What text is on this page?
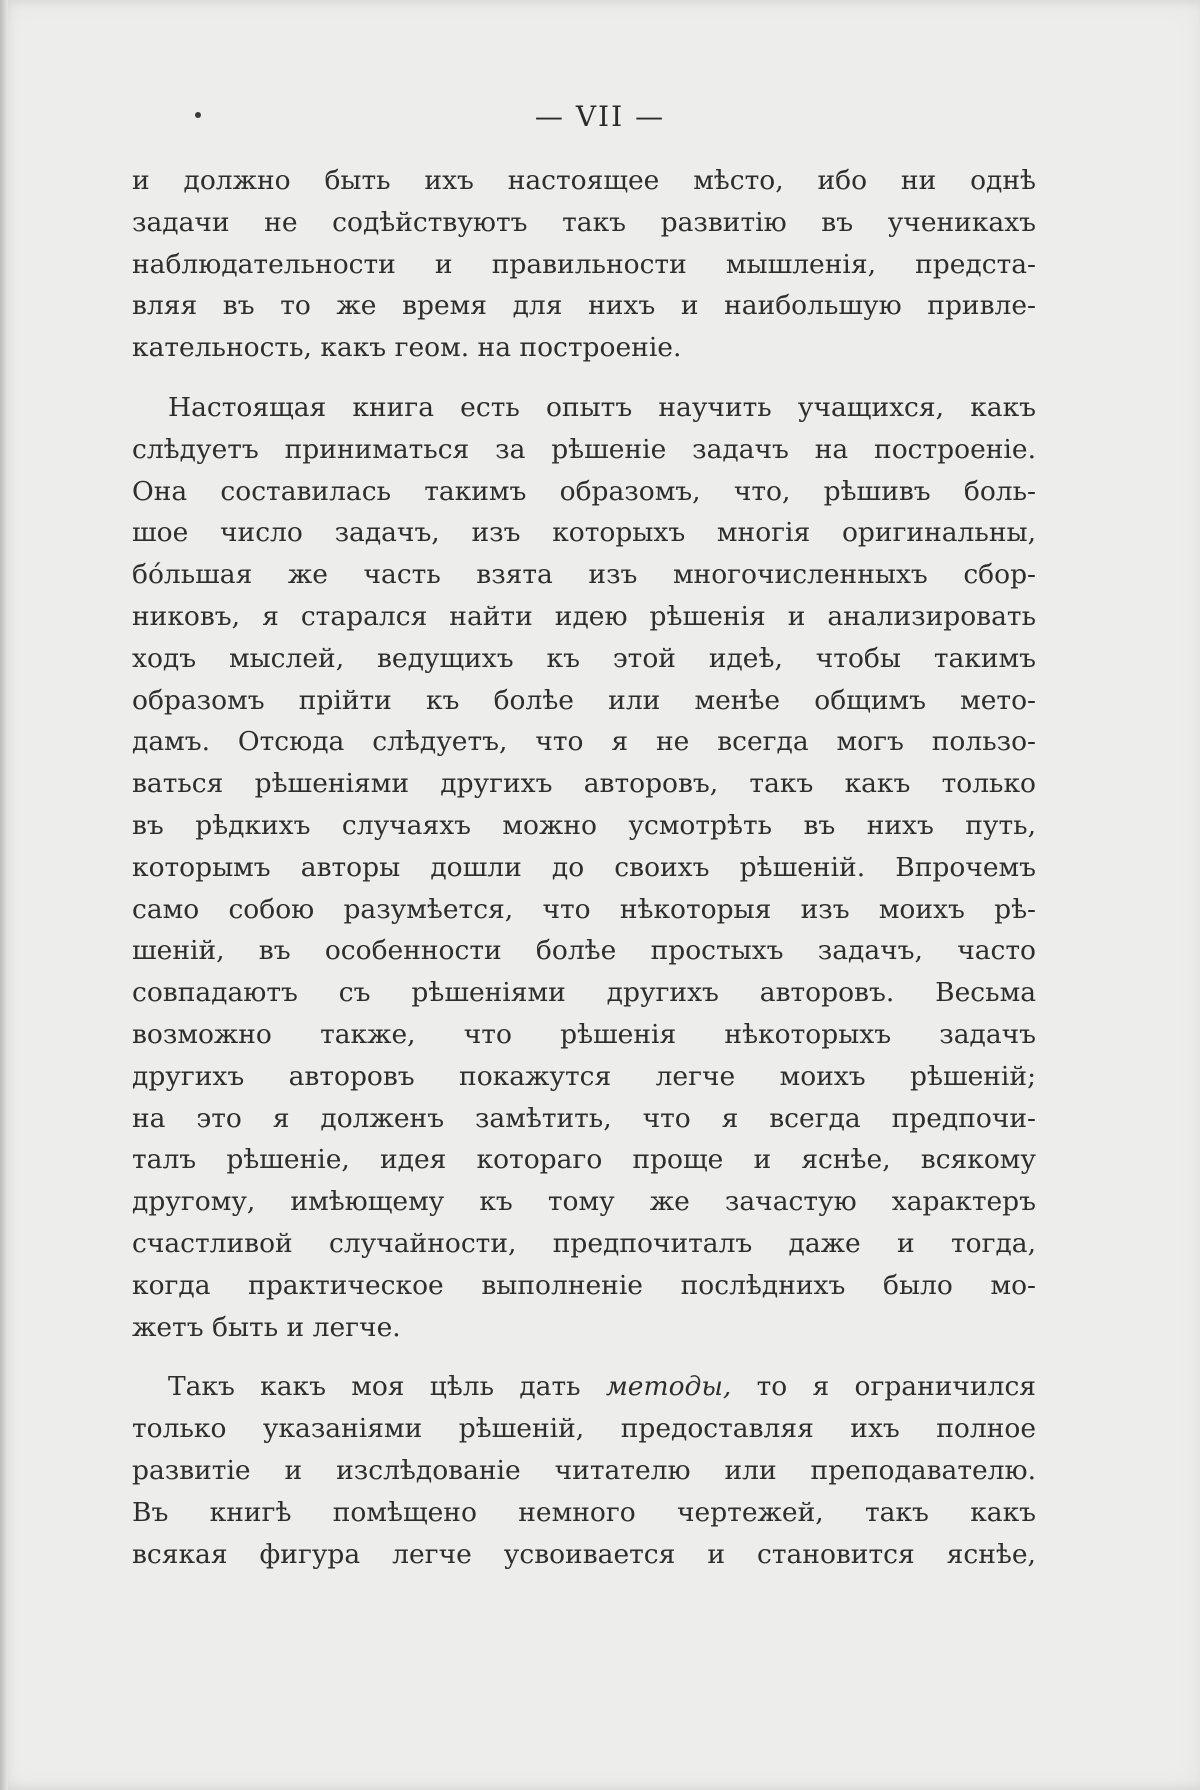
— VII —

и должно быть ихъ настоящее мѣсто, ибо ни однѣ
задачи не содѣйствуютъ такъ развитію въ ученикахъ
наблюдательности и правильности мышленія, предста-
вляя въ то же время для нихъ и наибольшую привле-
кательность, какъ геом. на построеніе.

Настоящая книга есть опытъ научить учащихся, какъ
слѣдуетъ приниматься за рѣшеніе задачъ на построеніе.
Она составилась такимъ образомъ, что, рѣшивъ боль-
шое число задачъ, изъ которыхъ многія оригинальны,
бóльшая же часть взята изъ многочисленныхъ сбор-
никовъ, я старался найти идею рѣшенія и анализировать
ходъ мыслей, ведущихъ къ этой идеѣ, чтобы такимъ
образомъ прійти къ болѣе или менѣе общимъ мето-
дамъ. Отсюда слѣдуетъ, что я не всегда могъ пользо-
ваться рѣшеніями другихъ авторовъ, такъ какъ только
въ рѣдкихъ случаяхъ можно усмотрѣть въ нихъ путь,
которымъ авторы дошли до своихъ рѣшеній. Впрочемъ
само собою разумѣется, что нѣкоторыя изъ моихъ рѣ-
шеній, въ особенности болѣе простыхъ задачъ, часто
совпадаютъ съ рѣшеніями другихъ авторовъ. Весьма
возможно также, что рѣшенія нѣкоторыхъ задачъ
другихъ авторовъ покажутся легче моихъ рѣшеній;
на это я долженъ замѣтить, что я всегда предпочи-
талъ рѣшеніе, идея котораго проще и яснѣе, всякому
другому, имѣющему къ тому же зачастую характеръ
счастливой случайности, предпочиталъ даже и тогда,
когда практическое выполненіе послѣднихъ было мо-
жетъ быть и легче.

Такъ какъ моя цѣль дать методы, то я ограничился
только указаніями рѣшеній, предоставляя ихъ полное
развитіе и изслѣдованіе читателю или преподавателю.
Въ книгѣ помѣщено немного чертежей, такъ какъ
всякая фигура легче усвоивается и становится яснѣе,
